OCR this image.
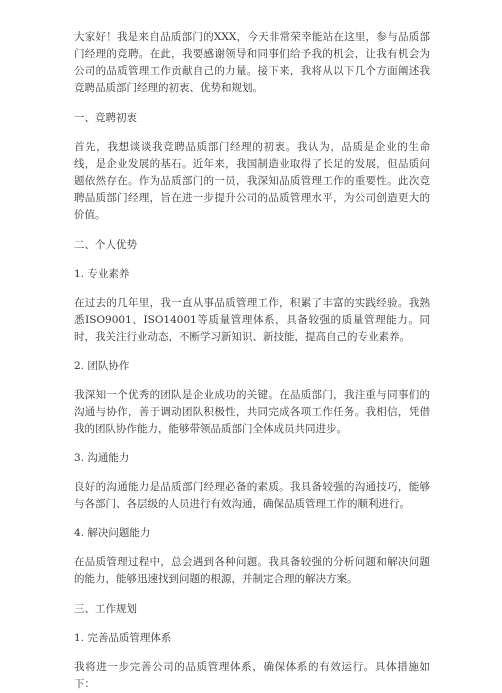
大家好！我是来自品质部门的XXX，今天非常荣幸能站在这里，参与品质部门经理的竞聘。在此，我要感谢领导和同事们给予我的机会，让我有机会为公司的品质管理工作贡献自己的力量。接下来，我将从以下几个方面阐述我竞聘品质部门经理的初衷、优势和规划。

一、竞聘初衷

首先，我想谈谈我竞聘品质部门经理的初衷。我认为，品质是企业的生命线，是企业发展的基石。近年来，我国制造业取得了长足的发展，但品质问题依然存在。作为品质部门的一员，我深知品质管理工作的重要性。此次竞聘品质部门经理，旨在进一步提升公司的品质管理水平，为公司创造更大的价值。

二、个人优势

1. 专业素养

在过去的几年里，我一直从事品质管理工作，积累了丰富的实践经验。我熟悉ISO9001、ISO14001等质量管理体系，具备较强的质量管理能力。同时，我关注行业动态，不断学习新知识、新技能，提高自己的专业素养。

2. 团队协作

我深知一个优秀的团队是企业成功的关键。在品质部门，我注重与同事们的沟通与协作，善于调动团队积极性，共同完成各项工作任务。我相信，凭借我的团队协作能力，能够带领品质部门全体成员共同进步。

3. 沟通能力

良好的沟通能力是品质部门经理必备的素质。我具备较强的沟通技巧，能够与各部门、各层级的人员进行有效沟通，确保品质管理工作的顺利进行。

4. 解决问题能力

在品质管理过程中，总会遇到各种问题。我具备较强的分析问题和解决问题的能力，能够迅速找到问题的根源，并制定合理的解决方案。

三、工作规划

1. 完善品质管理体系

我将进一步完善公司的品质管理体系，确保体系的有效运行。具体措施如下：
